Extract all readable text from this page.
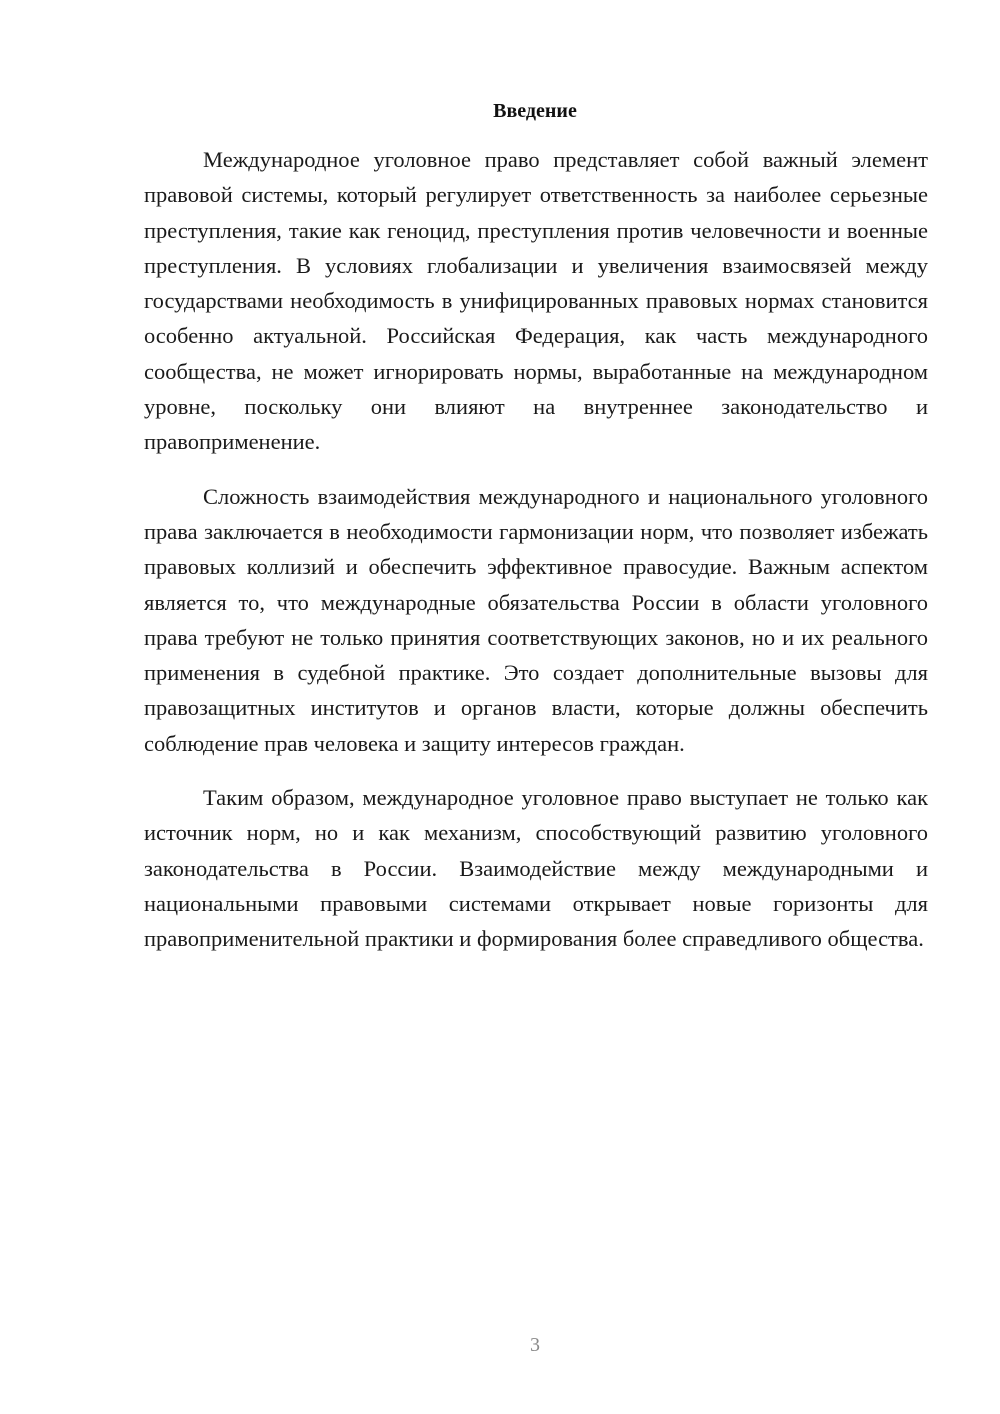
Введение

Международное уголовное право представляет собой важный элемент правовой системы, который регулирует ответственность за наиболее серьезные преступления, такие как геноцид, преступления против человечности и военные преступления. В условиях глобализации и увеличения взаимосвязей между государствами необходимость в унифицированных правовых нормах становится особенно актуальной. Российская Федерация, как часть международного сообщества, не может игнорировать нормы, выработанные на международном уровне, поскольку они влияют на внутреннее законодательство и правоприменение.

Сложность взаимодействия международного и национального уголовного права заключается в необходимости гармонизации норм, что позволяет избежать правовых коллизий и обеспечить эффективное правосудие. Важным аспектом является то, что международные обязательства России в области уголовного права требуют не только принятия соответствующих законов, но и их реального применения в судебной практике. Это создает дополнительные вызовы для правозащитных институтов и органов власти, которые должны обеспечить соблюдение прав человека и защиту интересов граждан.

Таким образом, международное уголовное право выступает не только как источник норм, но и как механизм, способствующий развитию уголовного законодательства в России. Взаимодействие между международными и национальными правовыми системами открывает новые горизонты для правоприменительной практики и формирования более справедливого общества.

3
